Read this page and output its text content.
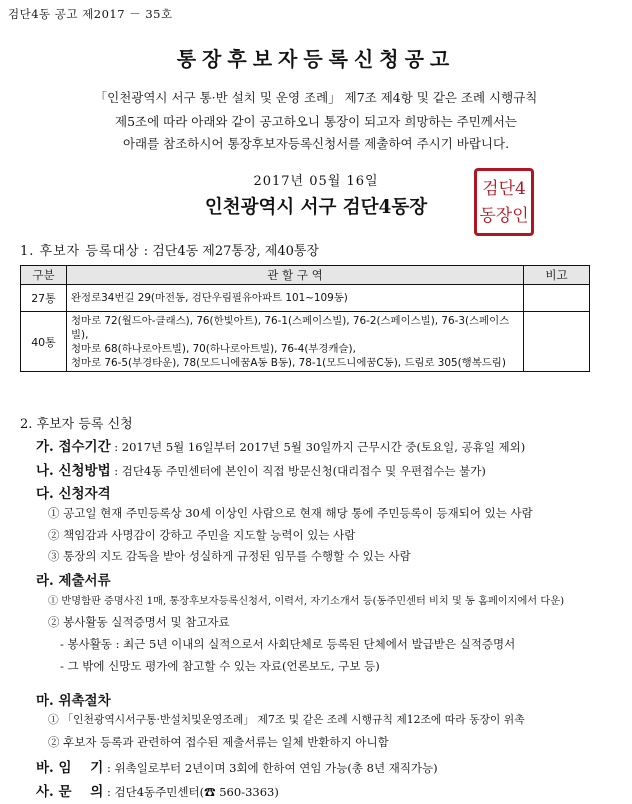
검단4동 공고 제2017 － 35호
통장후보자등록신청공고
「인천광역시 서구 통·반 설치 및 운영 조례」 제7조 제4항 및 같은 조례 시행규칙
제5조에 따라 아래와 같이 공고하오니 통장이 되고자 희망하는 주민께서는
아래를 참조하시어 통장후보자등록신청서를 제출하여 주시기 바랍니다.
2017년 05월 16일
인천광역시 서구 검단4동장
검단4
동장인
1. 후보자 등록대상 : 검단4동 제27통장, 제40통장
구분	관 할 구 역	비고
27통	완정로34번길 29(마전동, 검단우림필유아파트 101~109동)	
40통	청마로 72(월드아-클래스), 76(한빛아트), 76-1(스페이스빌), 76-2(스페이스빌), 76-3(스페이스빌),
청마로 68(하나로아트빌), 70(하나로아트빌), 76-4(부경캐슬),
청마로 76-5(부경타운), 78(모드니에꿈A동 B동), 78-1(모드니에꿈C동), 드림로 305(행복드림)	

2. 후보자 등록 신청
가. 접수기간 : 2017년 5월 16일부터 2017년 5월 30일까지 근무시간 중(토요일, 공휴일 제외)
나. 신청방법 : 검단4동 주민센터에 본인이 직접 방문신청(대리접수 및 우편접수는 불가)
다. 신청자격
① 공고일 현재 주민등록상 30세 이상인 사람으로 현재 해당 통에 주민등록이 등재되어 있는 사람
② 책임감과 사명감이 강하고 주민을 지도할 능력이 있는 사람
③ 통장의 지도 감독을 받아 성실하게 규정된 임무를 수행할 수 있는 사람
라. 제출서류
① 반명함판 증명사진 1매, 통장후보자등록신청서, 이력서, 자기소개서 등(동주민센터 비치 및 동 홈페이지에서 다운)
② 봉사활동 실적증명서 및 참고자료
- 봉사활동 : 최근 5년 이내의 실적으로서 사회단체로 등록된 단체에서 발급받은 실적증명서
- 그 밖에 신망도 평가에 참고할 수 있는 자료(언론보도, 구보 등)
마. 위촉절차
① 「인천광역시서구통·반설치및운영조례」 제7조 및 같은 조례 시행규칙 제12조에 따라 동장이 위촉
② 후보자 등록과 관련하여 접수된 제출서류는 일체 반환하지 아니함
바. 임    기 : 위촉일로부터 2년이며 3회에 한하여 연임 가능(총 8년 재직가능)
사. 문    의 : 검단4동주민센터(☎ 560-3363)
